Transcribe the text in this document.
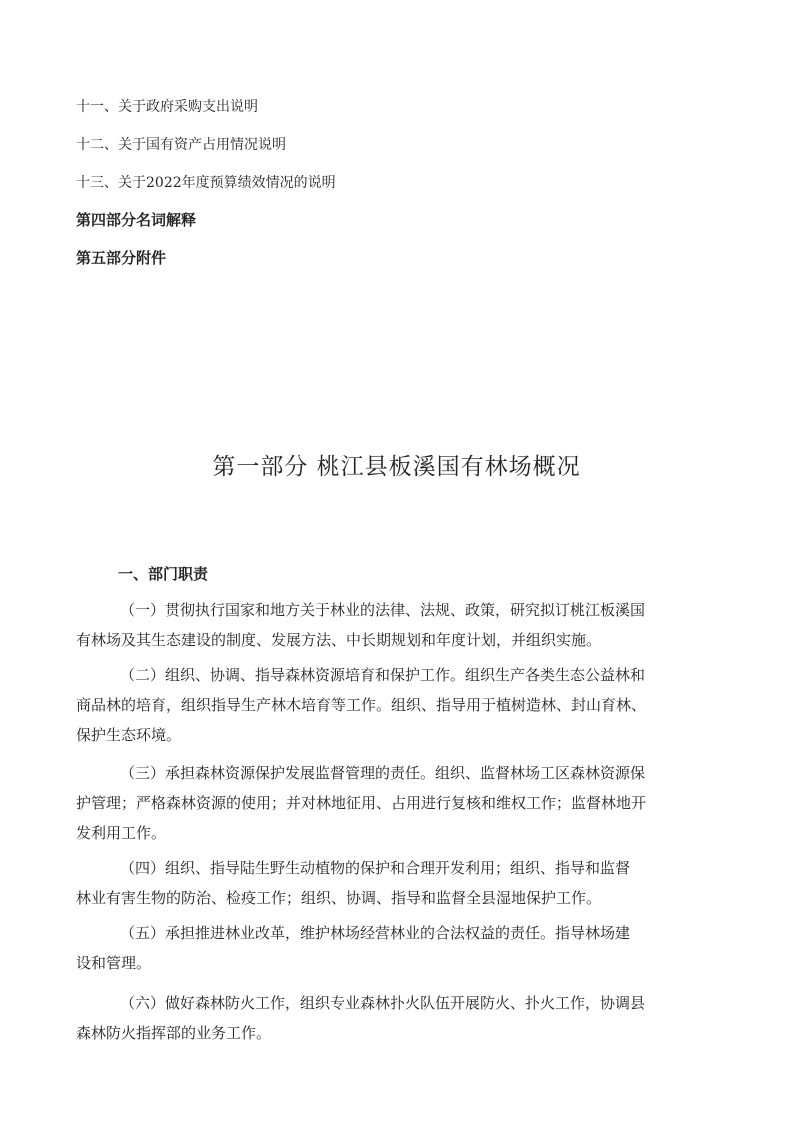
十一、关于政府采购支出说明
十二、关于国有资产占用情况说明
十三、关于2022年度预算绩效情况的说明
第四部分名词解释
第五部分附件
第一部分 桃江县板溪国有林场概况
一、部门职责
（一）贯彻执行国家和地方关于林业的法律、法规、政策，研究拟订桃江板溪国
有林场及其生态建设的制度、发展方法、中长期规划和年度计划，并组织实施。
（二）组织、协调、指导森林资源培育和保护工作。组织生产各类生态公益林和
商品林的培育，组织指导生产林木培育等工作。组织、指导用于植树造林、封山育林、
保护生态环境。
（三）承担森林资源保护发展监督管理的责任。组织、监督林场工区森林资源保
护管理；严格森林资源的使用；并对林地征用、占用进行复核和维权工作；监督林地开
发利用工作。
（四）组织、指导陆生野生动植物的保护和合理开发利用；组织、指导和监督
林业有害生物的防治、检疫工作；组织、协调、指导和监督全县湿地保护工作。
（五）承担推进林业改革，维护林场经营林业的合法权益的责任。指导林场建
设和管理。
（六）做好森林防火工作，组织专业森林扑火队伍开展防火、扑火工作，协调县
森林防火指挥部的业务工作。
